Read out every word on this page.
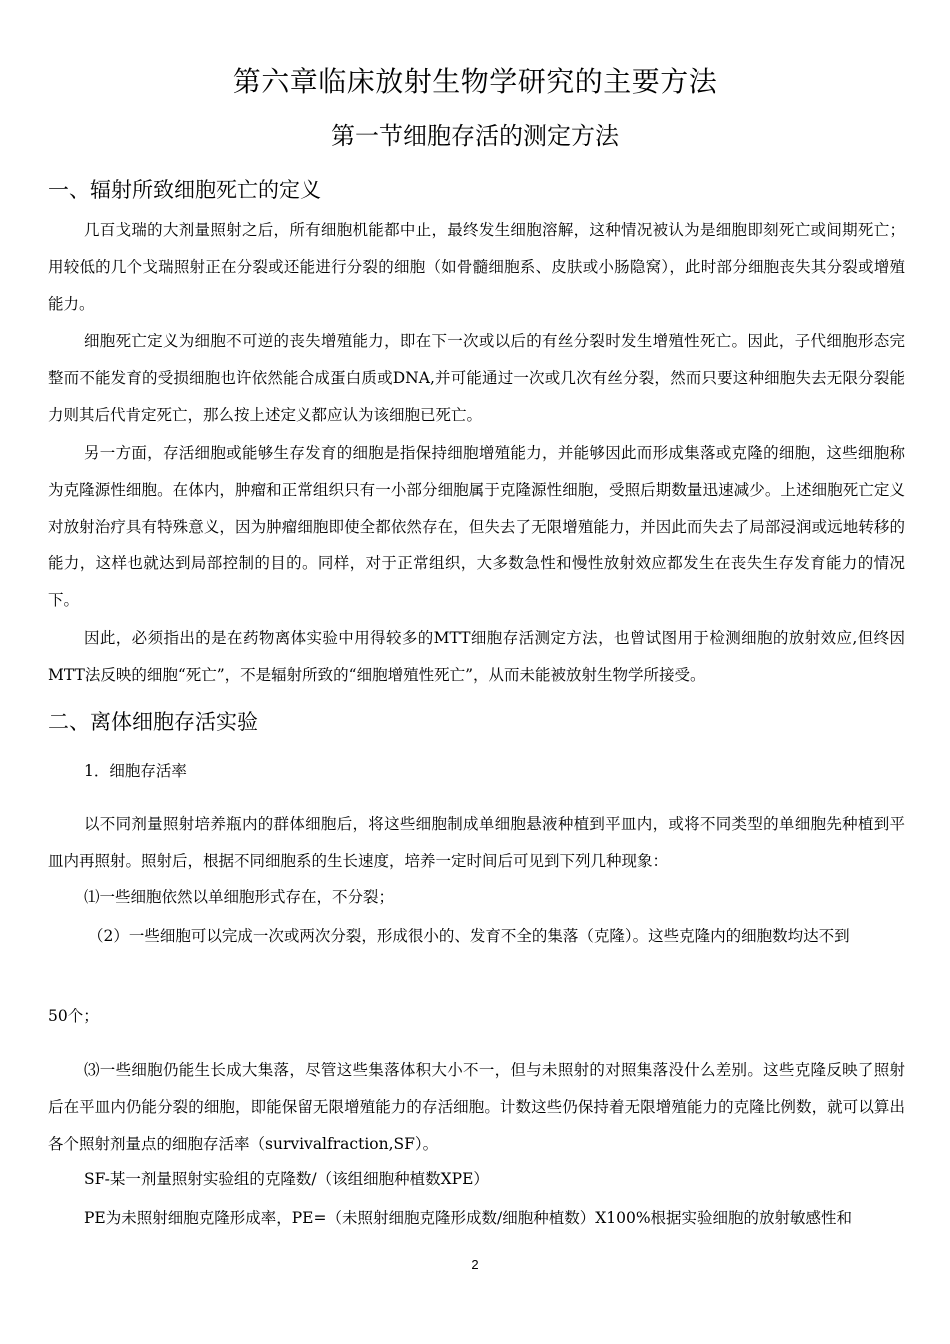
第六章临床放射生物学研究的主要方法
第一节细胞存活的测定方法
一、辐射所致细胞死亡的定义

几百戈瑞的大剂量照射之后，所有细胞机能都中止，最终发生细胞溶解，这种情况被认为是细胞即刻死亡或间期死亡；用较低的几个戈瑞照射正在分裂或还能进行分裂的细胞（如骨髓细胞系、皮肤或小肠隐窝），此时部分细胞丧失其分裂或增殖能力。

细胞死亡定义为细胞不可逆的丧失增殖能力，即在下一次或以后的有丝分裂时发生增殖性死亡。因此，子代细胞形态完整而不能发育的受损细胞也许依然能合成蛋白质或DNA,并可能通过一次或几次有丝分裂，然而只要这种细胞失去无限分裂能力则其后代肯定死亡，那么按上述定义都应认为该细胞已死亡。

另一方面，存活细胞或能够生存发育的细胞是指保持细胞增殖能力，并能够因此而形成集落或克隆的细胞，这些细胞称为克隆源性细胞。在体内，肿瘤和正常组织只有一小部分细胞属于克隆源性细胞，受照后期数量迅速减少。上述细胞死亡定义对放射治疗具有特殊意义，因为肿瘤细胞即使全都依然存在，但失去了无限增殖能力，并因此而失去了局部浸润或远地转移的能力，这样也就达到局部控制的目的。同样，对于正常组织，大多数急性和慢性放射效应都发生在丧失生存发育能力的情况下。

因此，必须指出的是在药物离体实验中用得较多的MTT细胞存活测定方法，也曾试图用于检测细胞的放射效应,但终因MTT法反映的细胞“死亡”，不是辐射所致的“细胞增殖性死亡”，从而未能被放射生物学所接受。

二、离体细胞存活实验
1．细胞存活率

以不同剂量照射培养瓶内的群体细胞后，将这些细胞制成单细胞悬液种植到平皿内，或将不同类型的单细胞先种植到平皿内再照射。照射后，根据不同细胞系的生长速度，培养一定时间后可见到下列几种现象：

⑴一些细胞依然以单细胞形式存在，不分裂；

（2）一些细胞可以完成一次或两次分裂，形成很小的、发育不全的集落（克隆）。这些克隆内的细胞数均达不到

50个；

⑶一些细胞仍能生长成大集落，尽管这些集落体积大小不一，但与未照射的对照集落没什么差别。这些克隆反映了照射后在平皿内仍能分裂的细胞，即能保留无限增殖能力的存活细胞。计数这些仍保持着无限增殖能力的克隆比例数，就可以算出各个照射剂量点的细胞存活率（survivalfraction,SF）。

SF-某一剂量照射实验组的克隆数/（该组细胞种植数XPE）

PE为未照射细胞克隆形成率，PE=（未照射细胞克隆形成数/细胞种植数）X100%根据实验细胞的放射敏感性和

2
